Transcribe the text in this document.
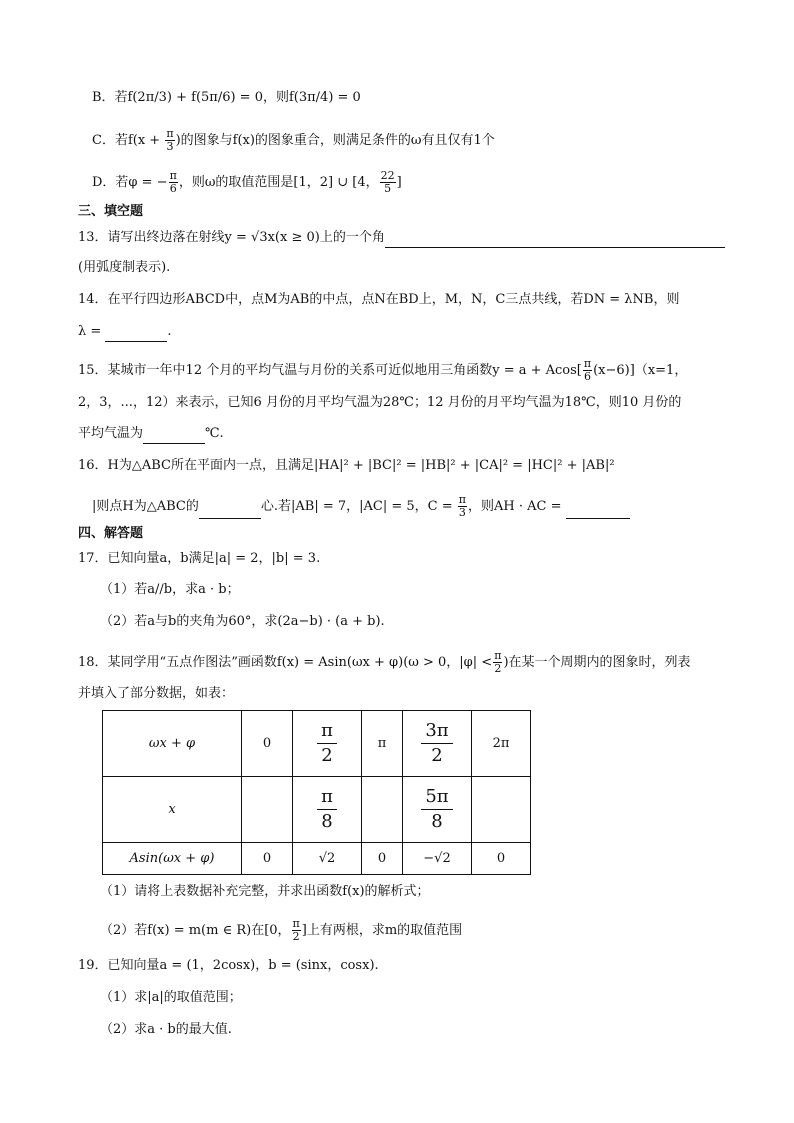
B．若f(2π/3) + f(5π/6) = 0，则f(3π/4) = 0
C．若$f(x + \frac{\pi}{3}$ )的图象与f(x)的图象重合，则满足条件的ω有且仅有1个
D．若φ = − $\frac{\pi}{6}$ ，则ω的取值范围是[1，2] ∪ [4， $\frac{22}{5}$ ]
三、填空题
13．请写出终边落在射线y = √3x(x ≥ 0)上的一个角
(用弧度制表示).
14．在平行四边形ABCD中，点M为AB的中点，点N在BD上，M，N，C三点共线，若DN = λNB，则
λ =	.
15．某城市一年中12 个月的平均气温与月份的关系可近似地用三角函数$y = a + Acos[ \frac{\pi}{6} (x-6)](x=1$，
2，3，...，12）来表示，已知6 月份的月平均气温为28℃；12 月份的月平均气温为18℃，则10 月份的
平均气温为	℃.
16．H为△ABC所在平面内一点，且满足|HA|² + |BC|² = |HB|² + |CA|² = |HC|² + |AB|²
|则点H为△ABC的	心.若|AB| = 7，|AC| = 5，$C = \frac{\pi}{3}$ ，则AH · AC =
四、解答题
17．已知向量a，b满足|a| = 2，|b| = 3.
（1）若a//b，求a · b；
（2）若a与b的夹角为60°，求(2a−b) · (a + b).
18．某同学用“五点作图法”画函数f(x) = Asin(ωx + φ)(ω > 0，$|\varphi| < \frac{\pi}{2}$ )在某一个周期内的图象时，列表
并填入了部分数据，如表：
ωx + φ	0	$\frac{\pi}{2}$	π	$\frac{3\pi}{2}$	2π
x		$\frac{\pi}{8}$		$\frac{5\pi}{8}$

Asin(ωx + φ)	0	√2	0	−√2	0
（1）请将上表数据补充完整，并求出函数f(x)的解析式；
（2）若f(x) = m(m ∈ R)在[0， $\frac{\pi}{2}$ ]上有两根，求m的取值范围
19．已知向量a = (1，2cosx)，b = (sinx，cosx).
（1）求|a|的取值范围；
（2）求a · b的最大值.
